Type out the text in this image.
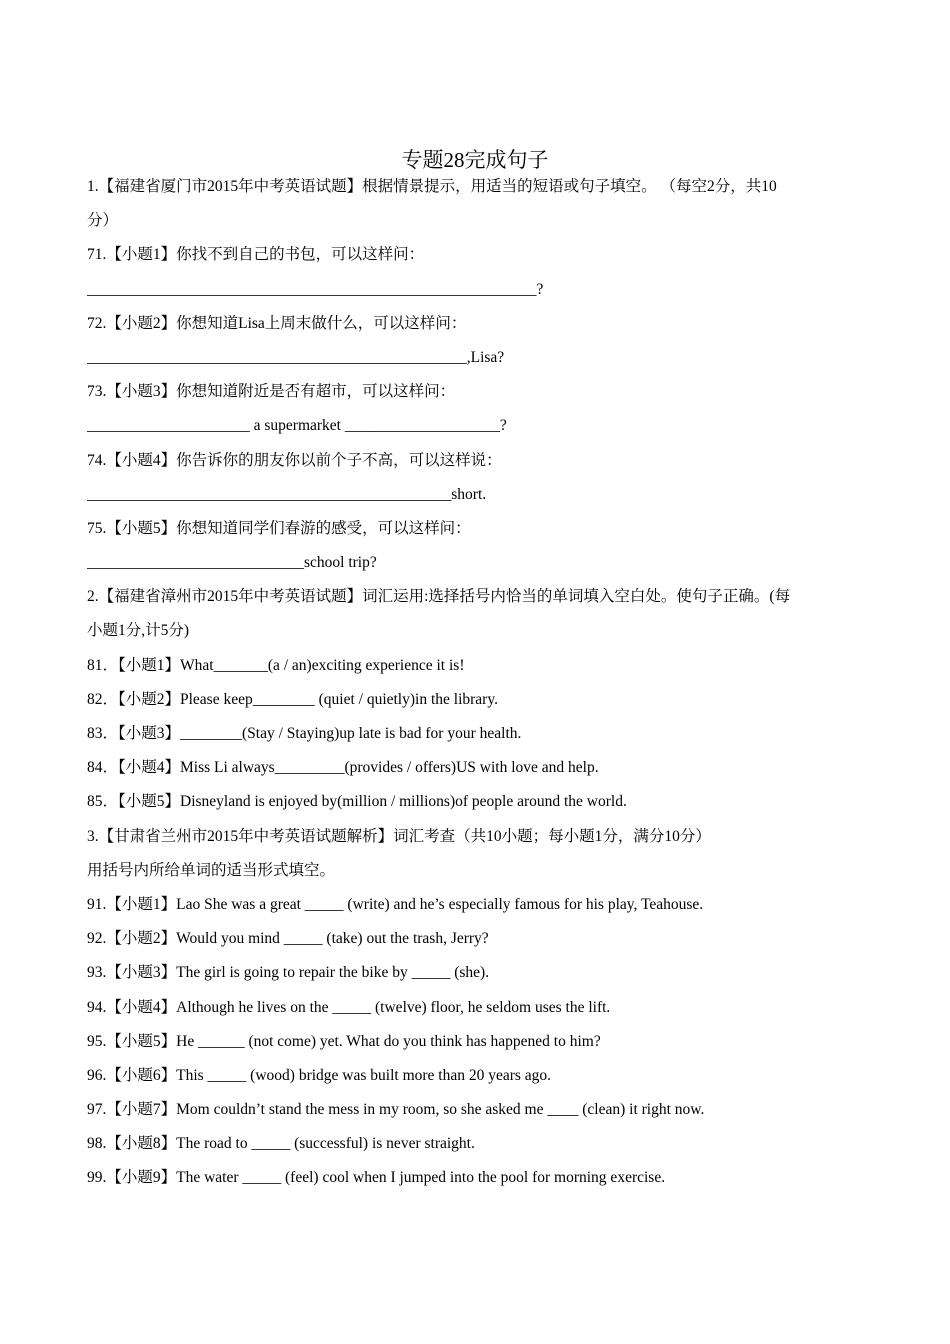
专题28完成句子
1.【福建省厦门市2015年中考英语试题】根据情景提示，用适当的短语或句子填空。 （每空2分，共10
分）
71.【小题1】你找不到自己的书包，可以这样问：
__________________________________________________________?
72.【小题2】你想知道Lisa上周末做什么，可以这样问：
_________________________________________________,Lisa?
73.【小题3】你想知道附近是否有超市，可以这样问：
_____________________ a supermarket ____________________?
74.【小题4】你告诉你的朋友你以前个子不高，可以这样说：
_______________________________________________short.
75.【小题5】你想知道同学们春游的感受，可以这样问：
____________________________school trip?
2.【福建省漳州市2015年中考英语试题】词汇运用:选择括号内恰当的单词填入空白处。使句子正确。(每
小题1分,计5分)
81．【小题1】What_______(a / an)exciting experience it is!
82．【小题2】Please keep________ (quiet / quietly)in the library.
83．【小题3】________(Stay / Staying)up late is bad for your health.
84．【小题4】Miss Li always_________(provides / offers)US with love and help.
85．【小题5】Disneyland is enjoyed by(million / millions)of people around the world.
3.【甘肃省兰州市2015年中考英语试题解析】词汇考查（共10小题；每小题1分，满分10分）
用括号内所给单词的适当形式填空。
91.【小题1】Lao She was a great _____ (write) and he’s especially famous for his play, Teahouse.
92.【小题2】Would you mind _____ (take) out the trash, Jerry?
93.【小题3】The girl is going to repair the bike by _____ (she).
94.【小题4】Although he lives on the _____ (twelve) floor, he seldom uses the lift.
95.【小题5】He ______ (not come) yet. What do you think has happened to him?
96.【小题6】This _____ (wood) bridge was built more than 20 years ago.
97.【小题7】Mom couldn’t stand the mess in my room, so she asked me ____ (clean) it right now.
98.【小题8】The road to _____ (successful) is never straight.
99.【小题9】The water _____ (feel) cool when I jumped into the pool for morning exercise.
